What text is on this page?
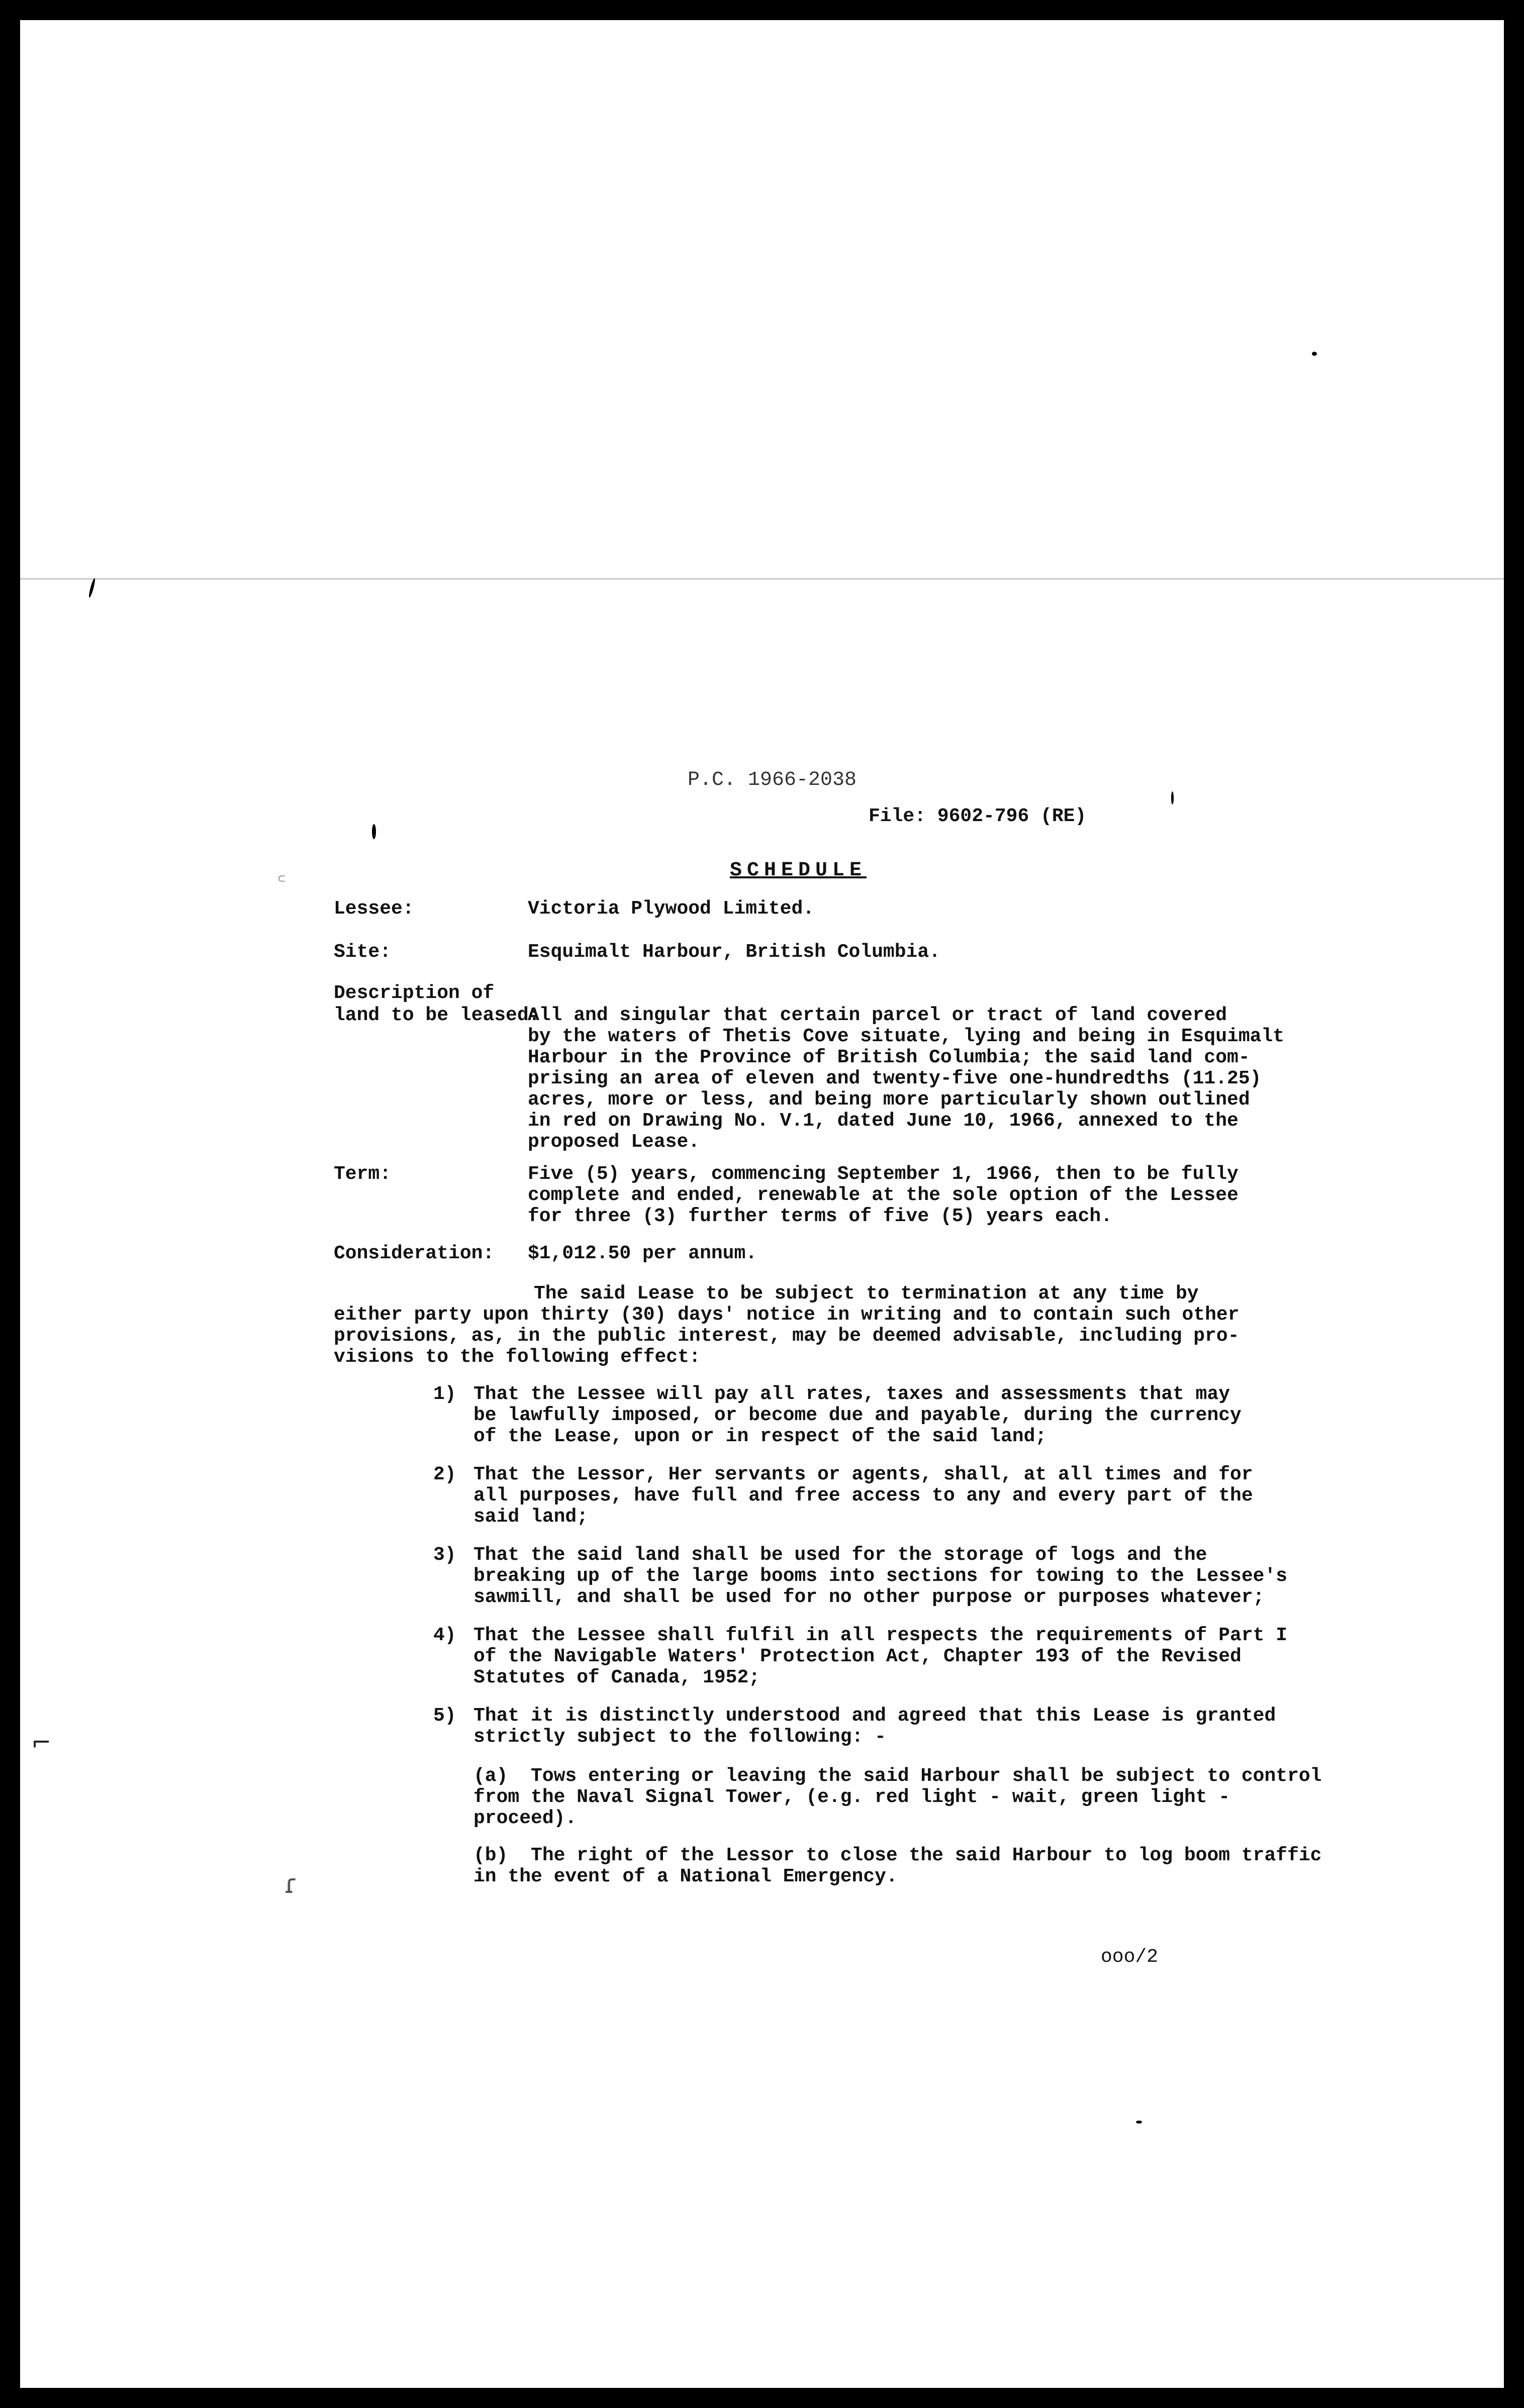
꜀
ɾ
⌐
P.C. 1966-2038
File: 9602-796 (RE)
SCHEDULE
Lessee:	Victoria Plywood Limited.
Site:	Esquimalt Harbour, British Columbia.
Description of
land to be leased:
All and singular that certain parcel or tract of land covered
by the waters of Thetis Cove situate, lying and being in Esquimalt
Harbour in the Province of British Columbia; the said land com-
prising an area of eleven and twenty-five one-hundredths (11.25)
acres, more or less, and being more particularly shown outlined
in red on Drawing No. V.1, dated June 10, 1966, annexed to the
proposed Lease.
Term:	Five (5) years, commencing September 1, 1966, then to be fully
complete and ended, renewable at the sole option of the Lessee
for three (3) further terms of five (5) years each.
Consideration: $1,012.50 per annum.
The said Lease to be subject to termination at any time by
either party upon thirty (30) days' notice in writing and to contain such other
provisions, as, in the public interest, may be deemed advisable, including pro-
visions to the following effect:
1) That the Lessee will pay all rates, taxes and assessments that may
be lawfully imposed, or become due and payable, during the currency
of the Lease, upon or in respect of the said land;
2) That the Lessor, Her servants or agents, shall, at all times and for
all purposes, have full and free access to any and every part of the
said land;
3) That the said land shall be used for the storage of logs and the
breaking up of the large booms into sections for towing to the Lessee's
sawmill, and shall be used for no other purpose or purposes whatever;
4) That the Lessee shall fulfil in all respects the requirements of Part I
of the Navigable Waters' Protection Act, Chapter 193 of the Revised
Statutes of Canada, 1952;
5) That it is distinctly understood and agreed that this Lease is granted
strictly subject to the following: -
(a)  Tows entering or leaving the said Harbour shall be subject to control
from the Naval Signal Tower, (e.g. red light - wait, green light -
proceed).
(b)  The right of the Lessor to close the said Harbour to log boom traffic
in the event of a National Emergency.
ooo/2
